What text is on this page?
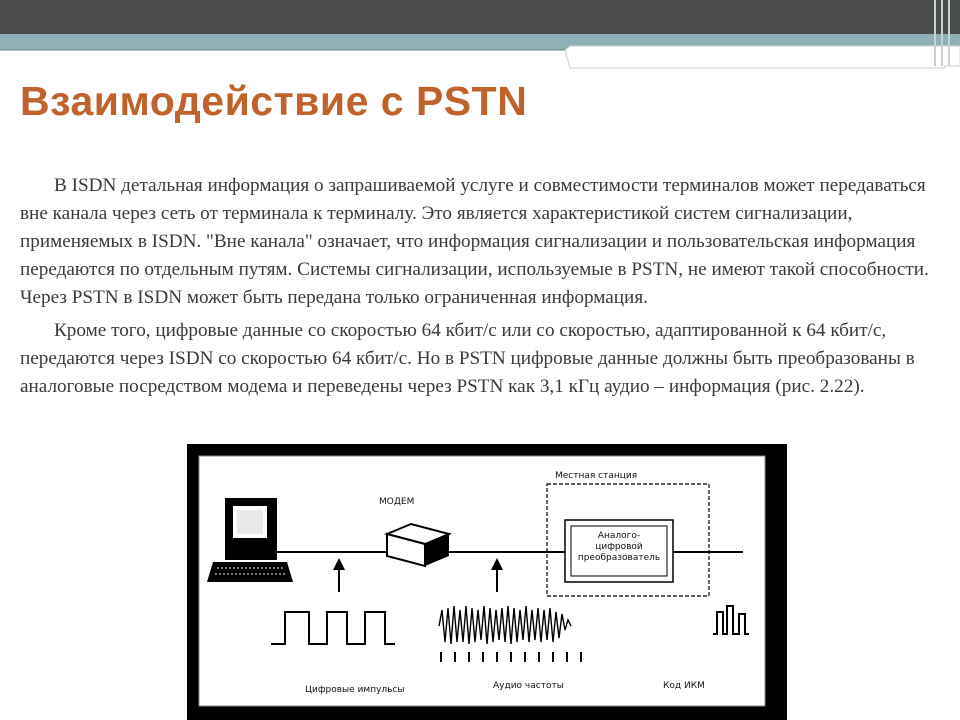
Взаимодействие с PSTN

В ISDN детальная информация о запрашиваемой услуге и совместимости терминалов может передаваться вне канала через сеть от терминала к терминалу. Это является характеристикой систем сигнализации, применяемых в ISDN. "Вне канала" означает, что информация сигнализации и пользовательская информация передаются по отдельным путям. Системы сигнализации, используемые в PSTN, не имеют такой способности. Через PSTN в ISDN может быть передана только ограниченная информация.

Кроме того, цифровые данные со скоростью 64 кбит/с или со скоростью, адаптированной к 64 кбит/с, передаются через ISDN со скоростью 64 кбит/с. Но в PSTN цифровые данные должны быть преобразованы в аналоговые посредством модема и переведены через PSTN как 3,1 кГц аудио – информация (рис. 2.22).

МОДЕМ
Местная станция
Аналого-
цифровой
преобразователь
Цифровые импульсы	Аудио частоты	Код ИКМ
